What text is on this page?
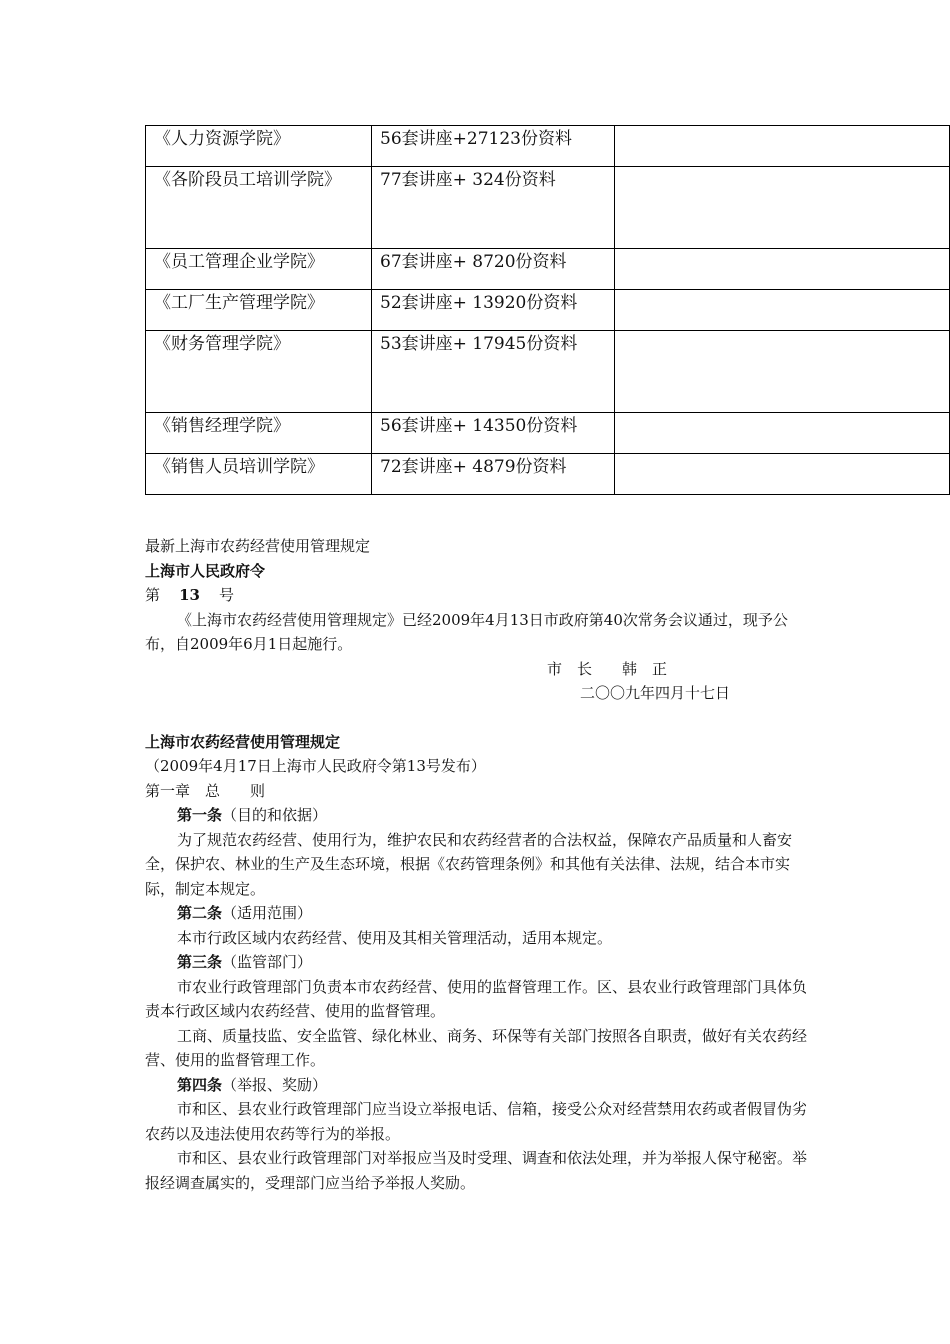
《人力资源学院》	56套讲座+27123份资料	

《各阶段员工培训学院》	77套讲座+ 324份资料	

《员工管理企业学院》	67套讲座+ 8720份资料	

《工厂生产管理学院》	52套讲座+ 13920份资料	

《财务管理学院》	53套讲座+ 17945份资料	

《销售经理学院》	56套讲座+ 14350份资料	

《销售人员培训学院》	72套讲座+ 4879份资料	

最新上海市农药经营使用管理规定

上海市人民政府令

第 13 号

《上海市农药经营使用管理规定》已经2009年4月13日市政府第40次常务会议通过，现予公布，自2009年6月1日起施行。

市　长　　韩　正

二〇〇九年四月十七日

上海市农药经营使用管理规定

（2009年4月17日上海市人民政府令第13号发布）

第一章　总　　则

第一条（目的和依据）

为了规范农药经营、使用行为，维护农民和农药经营者的合法权益，保障农产品质量和人畜安全，保护农、林业的生产及生态环境，根据《农药管理条例》和其他有关法律、法规，结合本市实际，制定本规定。

第二条（适用范围）

本市行政区域内农药经营、使用及其相关管理活动，适用本规定。

第三条（监管部门）

市农业行政管理部门负责本市农药经营、使用的监督管理工作。区、县农业行政管理部门具体负责本行政区域内农药经营、使用的监督管理。

工商、质量技监、安全监管、绿化林业、商务、环保等有关部门按照各自职责，做好有关农药经营、使用的监督管理工作。

第四条（举报、奖励）

市和区、县农业行政管理部门应当设立举报电话、信箱，接受公众对经营禁用农药或者假冒伪劣农药以及违法使用农药等行为的举报。

市和区、县农业行政管理部门对举报应当及时受理、调查和依法处理，并为举报人保守秘密。举报经调查属实的，受理部门应当给予举报人奖励。
